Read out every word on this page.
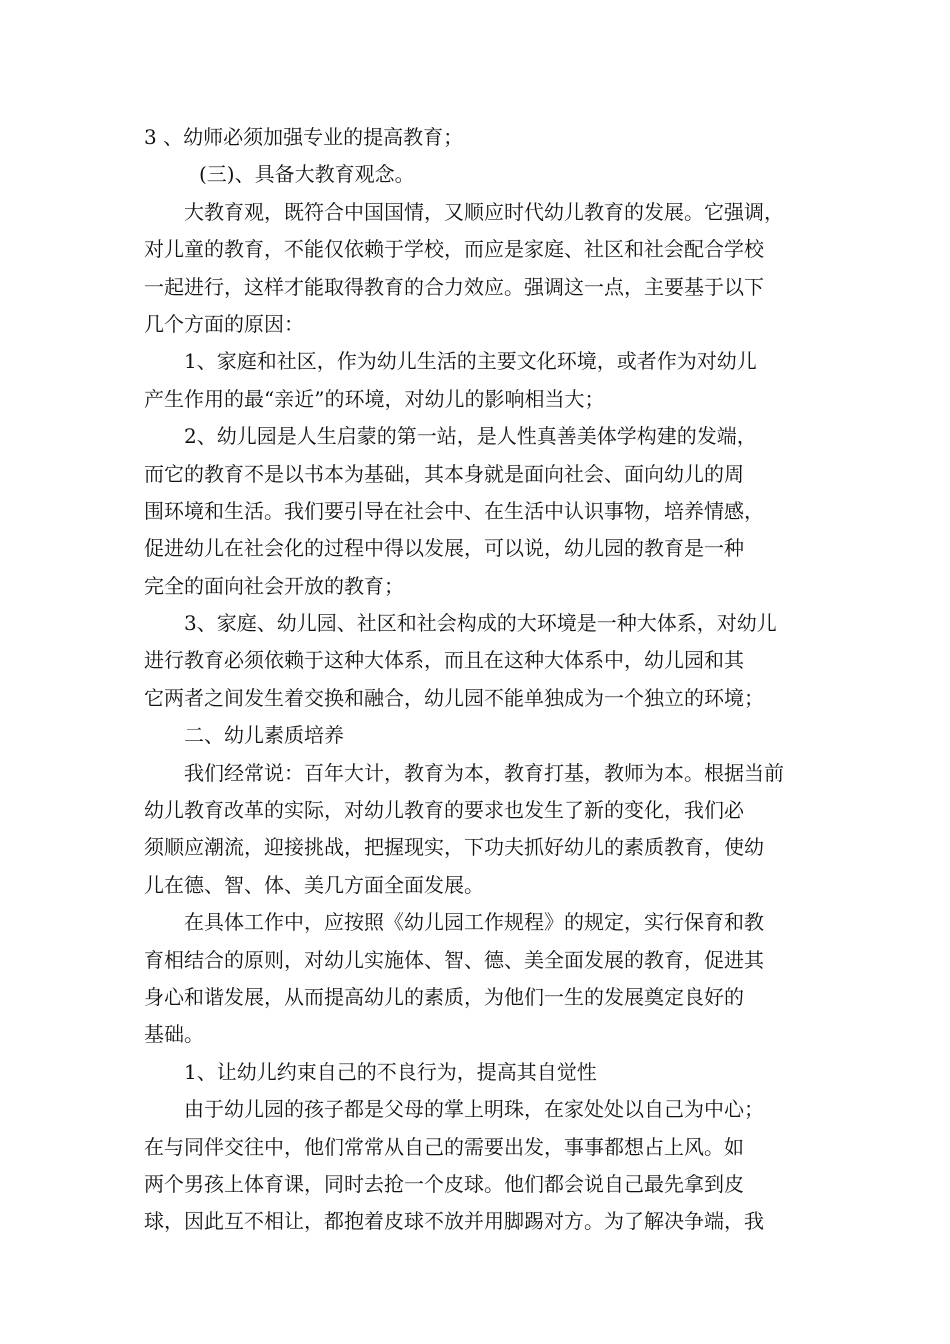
3 、幼师必须加强专业的提高教育；
(三)、具备大教育观念。
大教育观，既符合中国国情，又顺应时代幼儿教育的发展。它强调，
对儿童的教育，不能仅依赖于学校，而应是家庭、社区和社会配合学校
一起进行，这样才能取得教育的合力效应。强调这一点，主要基于以下
几个方面的原因：
1、家庭和社区，作为幼儿生活的主要文化环境，或者作为对幼儿
产生作用的最“亲近”的环境，对幼儿的影响相当大；
2、幼儿园是人生启蒙的第一站，是人性真善美体学构建的发端，
而它的教育不是以书本为基础，其本身就是面向社会、面向幼儿的周
围环境和生活。我们要引导在社会中、在生活中认识事物，培养情感，
促进幼儿在社会化的过程中得以发展，可以说，幼儿园的教育是一种
完全的面向社会开放的教育；
3、家庭、幼儿园、社区和社会构成的大环境是一种大体系，对幼儿
进行教育必须依赖于这种大体系，而且在这种大体系中，幼儿园和其
它两者之间发生着交换和融合，幼儿园不能单独成为一个独立的环境；
二、幼儿素质培养
我们经常说：百年大计，教育为本，教育打基，教师为本。根据当前
幼儿教育改革的实际，对幼儿教育的要求也发生了新的变化，我们必
须顺应潮流，迎接挑战，把握现实，下功夫抓好幼儿的素质教育，使幼
儿在德、智、体、美几方面全面发展。
在具体工作中，应按照《幼儿园工作规程》的规定，实行保育和教
育相结合的原则，对幼儿实施体、智、德、美全面发展的教育，促进其
身心和谐发展，从而提高幼儿的素质，为他们一生的发展奠定良好的
基础。
1、让幼儿约束自己的不良行为，提高其自觉性
由于幼儿园的孩子都是父母的掌上明珠，在家处处以自己为中心；
在与同伴交往中，他们常常从自己的需要出发，事事都想占上风。如
两个男孩上体育课，同时去抢一个皮球。他们都会说自己最先拿到皮
球，因此互不相让，都抱着皮球不放并用脚踢对方。为了解决争端，我
